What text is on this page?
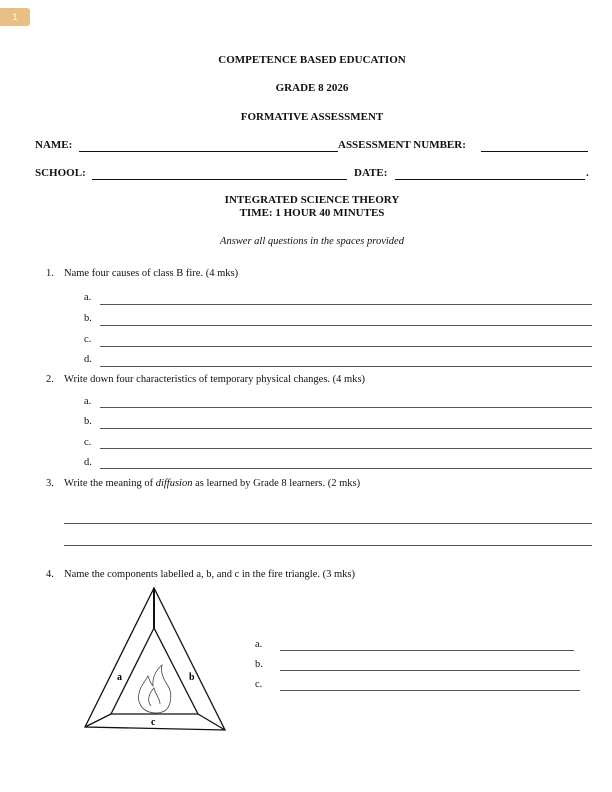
1
COMPETENCE BASED EDUCATION
GRADE 8 2026
FORMATIVE ASSESSMENT
NAME:	ASSESSMENT NUMBER:
SCHOOL:	DATE:	.
INTEGRATED SCIENCE THEORY
TIME: 1 HOUR 40 MINUTES
Answer all questions in the spaces provided
1. Name four causes of class B fire. (4 mks)
a.
b.
c.
d.
2. Write down four characteristics of temporary physical changes. (4 mks)
a.
b.
c.
d.
3. Write the meaning of diffusion as learned by Grade 8 learners. (2 mks)
4. Name the components labelled a, b, and c in the fire triangle. (3 mks)
a	b
c
a.
b.
c.
